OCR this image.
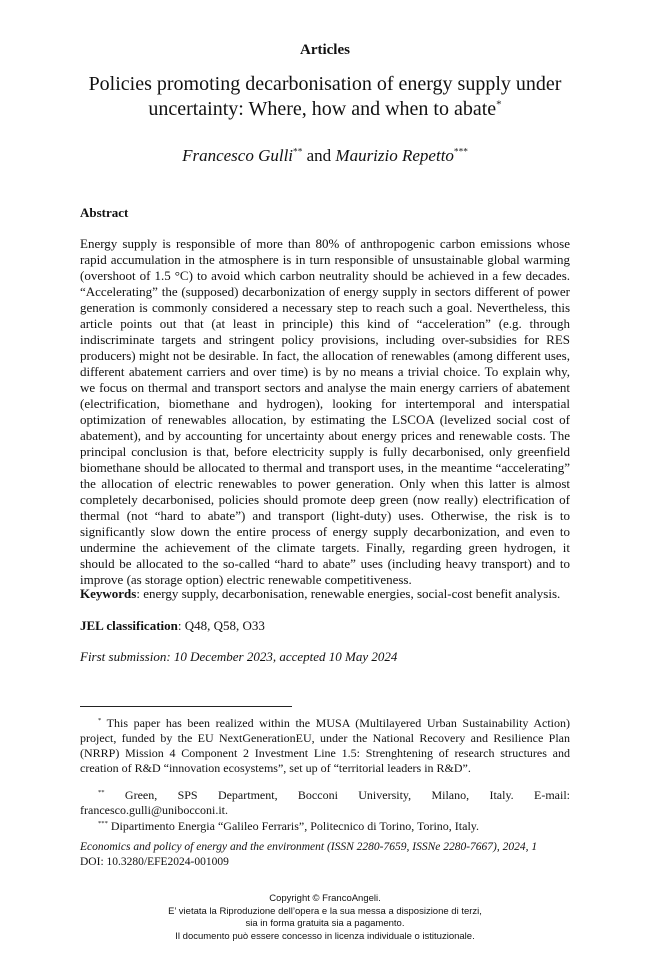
Articles
Policies promoting decarbonisation of energy supply under uncertainty: Where, how and when to abate*
Francesco Gulli** and Maurizio Repetto***
Abstract
Energy supply is responsible of more than 80% of anthropogenic carbon emissions whose rapid accumulation in the atmosphere is in turn responsible of unsustainable global warming (overshoot of 1.5 °C) to avoid which carbon neutrality should be achieved in a few decades. “Accelerating” the (supposed) decarbonization of energy supply in sectors different of power generation is commonly considered a necessary step to reach such a goal. Nevertheless, this article points out that (at least in principle) this kind of “acceleration” (e.g. through indiscriminate targets and stringent policy provisions, including over-subsidies for RES producers) might not be desirable. In fact, the allocation of renewables (among different uses, different abatement carriers and over time) is by no means a trivial choice. To explain why, we focus on thermal and transport sectors and analyse the main energy carriers of abatement (electrification, biomethane and hydrogen), looking for intertemporal and interspatial optimization of renewables allocation, by estimating the LSCOA (levelized social cost of abatement), and by accounting for uncertainty about energy prices and renewable costs. The principal conclusion is that, before electricity supply is fully decarbonised, only greenfield biomethane should be allocated to thermal and transport uses, in the meantime “accelerating” the allocation of electric renewables to power generation. Only when this latter is almost completely decarbonised, policies should promote deep green (now really) electrification of thermal (not “hard to abate”) and transport (light-duty) uses. Otherwise, the risk is to significantly slow down the entire process of energy supply decarbonization, and even to undermine the achievement of the climate targets. Finally, regarding green hydrogen, it should be allocated to the so-called “hard to abate” uses (including heavy transport) and to improve (as storage option) electric renewable competitiveness.
Keywords: energy supply, decarbonisation, renewable energies, social-cost benefit analysis.
JEL classification: Q48, Q58, O33
First submission: 10 December 2023, accepted 10 May 2024
* This paper has been realized within the MUSA (Multilayered Urban Sustainability Action) project, funded by the EU NextGenerationEU, under the National Recovery and Resilience Plan (NRRP) Mission 4 Component 2 Investment Line 1.5: Strenghtening of research structures and creation of R&D “innovation ecosystems”, set up of “territorial leaders in R&D”.
** Green, SPS Department, Bocconi University, Milano, Italy. E-mail: francesco.gulli@unibocconi.it.
*** Dipartimento Energia “Galileo Ferraris”, Politecnico di Torino, Torino, Italy.
Economics and policy of energy and the environment (ISSN 2280-7659, ISSNe 2280-7667), 2024, 1
DOI: 10.3280/EFE2024-001009
Copyright © FrancoAngeli.
E’ vietata la Riproduzione dell’opera e la sua messa a disposizione di terzi,
sia in forma gratuita sia a pagamento.
Il documento può essere concesso in licenza individuale o istituzionale.
